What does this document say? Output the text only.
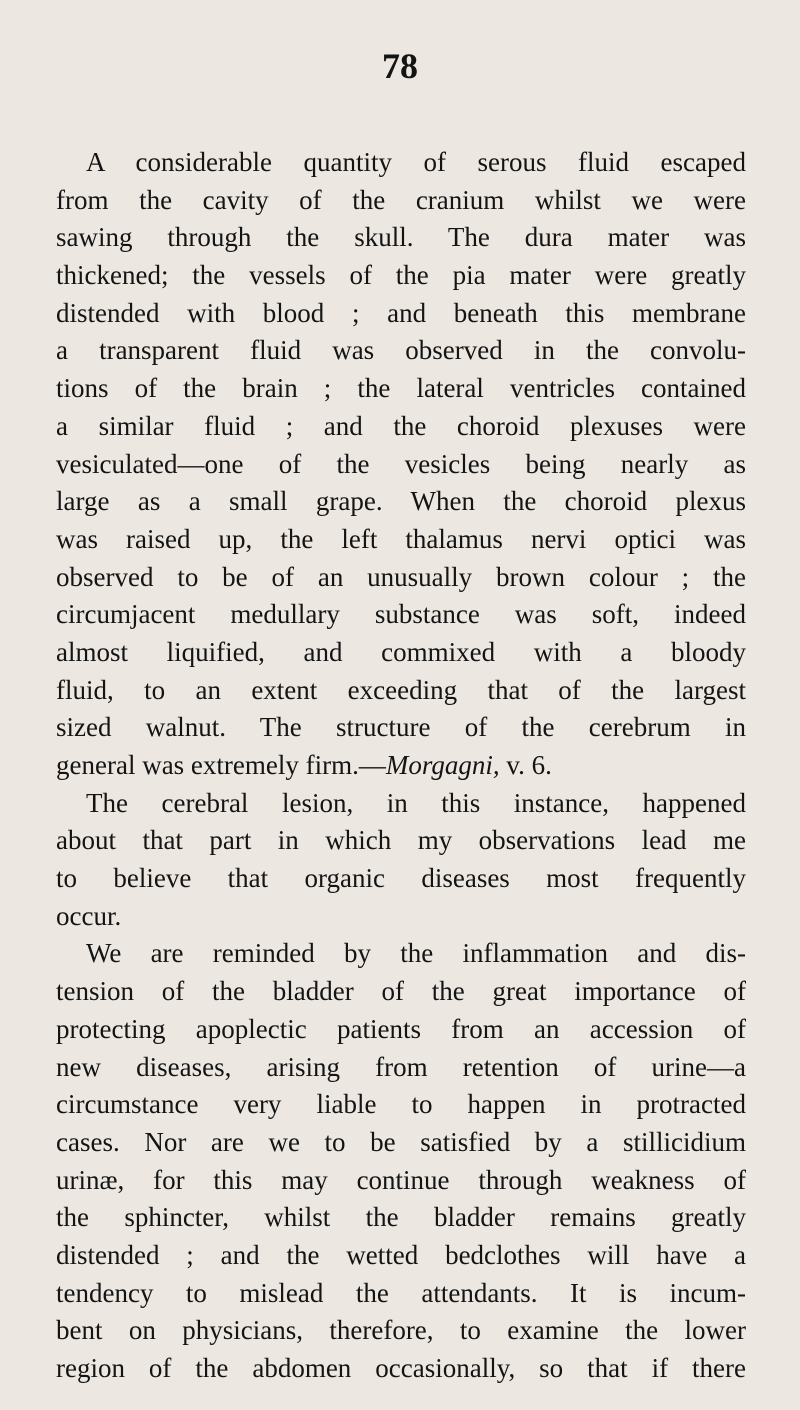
78
A considerable quantity of serous fluid escaped
from the cavity of the cranium whilst we were
sawing through the skull. The dura mater was
thickened; the vessels of the pia mater were greatly
distended with blood ; and beneath this membrane
a transparent fluid was observed in the convolu-
tions of the brain ; the lateral ventricles contained
a similar fluid ; and the choroid plexuses were
vesiculated—one of the vesicles being nearly as
large as a small grape. When the choroid plexus
was raised up, the left thalamus nervi optici was
observed to be of an unusually brown colour ; the
circumjacent medullary substance was soft, indeed
almost liquified, and commixed with a bloody
fluid, to an extent exceeding that of the largest
sized walnut. The structure of the cerebrum in
general was extremely firm.—Morgagni, v. 6.
The cerebral lesion, in this instance, happened
about that part in which my observations lead me
to believe that organic diseases most frequently
occur.
We are reminded by the inflammation and dis-
tension of the bladder of the great importance of
protecting apoplectic patients from an accession of
new diseases, arising from retention of urine—a
circumstance very liable to happen in protracted
cases. Nor are we to be satisfied by a stillicidium
urinæ, for this may continue through weakness of
the sphincter, whilst the bladder remains greatly
distended ; and the wetted bedclothes will have a
tendency to mislead the attendants. It is incum-
bent on physicians, therefore, to examine the lower
region of the abdomen occasionally, so that if there
